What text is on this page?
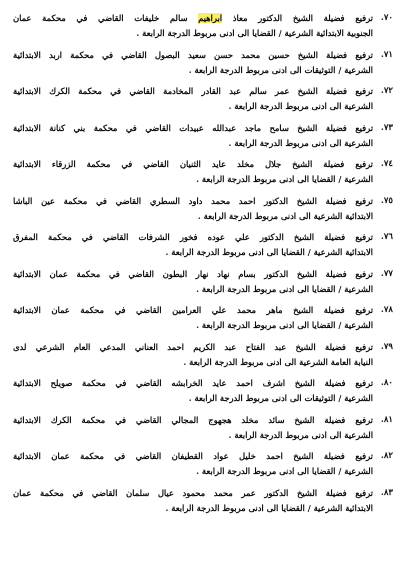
٧٠.
ترفيع فضيلة الشيخ الدكتور معاذ ابراهيم سالم خليفات القاضي في محكمة عمان
الجنوبية الابتدائية الشرعية / القضايا الى ادنى مربوط الدرجة الرابعة .
٧١.
ترفيع فضيلة الشيخ حسين محمد حسن سعيد البصول القاضي في محكمة اربد الابتدائية
الشرعية / التوثيقات الى ادنى مربوط الدرجة الرابعة .
٧٢.
ترفيع فضيلة الشيخ عمر سالم عبد القادر المخادمة القاضي في محكمة الكرك الابتدائية
الشرعية الى ادنى مربوط الدرجة الرابعة .
٧٣.
ترفيع فضيلة الشيخ سامح ماجد عبدالله عبيدات القاضي في محكمة بني كنانة الابتدائية
الشرعية الى ادنى مربوط الدرجة الرابعة .
٧٤.
ترفيع فضيلة الشيخ جلال مخلد عايد الثنيان القاضي في محكمة الزرقاء الابتدائية
الشرعية / القضايا الى ادنى مربوط الدرجة الرابعة .
٧٥.
ترفيع فضيلة الشيخ الدكتور احمد محمد داود السطري القاضي في محكمة عين الباشا
الابتدائية الشرعية الى ادنى مربوط الدرجة الرابعة .
٧٦.
ترفيع فضيلة الشيخ الدكتور علي عوده فخور الشرفات القاضي في محكمة المفرق
الابتدائية الشرعية / القضايا الى ادنى مربوط الدرجة الرابعة .
٧٧.
ترفيع فضيلة الشيخ الدكتور بسام نهاد نهار البطون القاضي في محكمة عمان الابتدائية
الشرعية / القضايا الى ادنى مربوط الدرجة الرابعة .
٧٨.
ترفيع فضيلة الشيخ ماهر محمد علي العرامين القاضي في محكمة عمان الابتدائية
الشرعية / القضايا الى ادنى مربوط الدرجة الرابعة .
٧٩.
ترفيع فضيلة الشيخ عبد الفتاح عبد الكريم احمد العناني المدعي العام الشرعي لدى
النيابة العامة الشرعية الى ادنى مربوط الدرجة الرابعة .
٨٠.
ترفيع فضيلة الشيخ اشرف احمد عايد الخرابشه القاضي في محكمة صويلح الابتدائية
الشرعية / التوثيقات الى ادنى مربوط الدرجة الرابعة .
٨١.
ترفيع فضيلة الشيخ سائد مخلد هجهوج المجالي القاضي في محكمة الكرك الابتدائية
الشرعية الى ادنى مربوط الدرجة الرابعة .
٨٢.
ترفيع فضيلة الشيخ احمد خليل عواد القطيفان القاضي في محكمة عمان الابتدائية
الشرعية / القضايا الى ادنى مربوط الدرجة الرابعة .
٨٣.
ترفيع فضيلة الشيخ الدكتور عمر محمد محمود عيال سلمان القاضي في محكمة عمان
الابتدائية الشرعية / القضايا الى ادنى مربوط الدرجة الرابعة .
